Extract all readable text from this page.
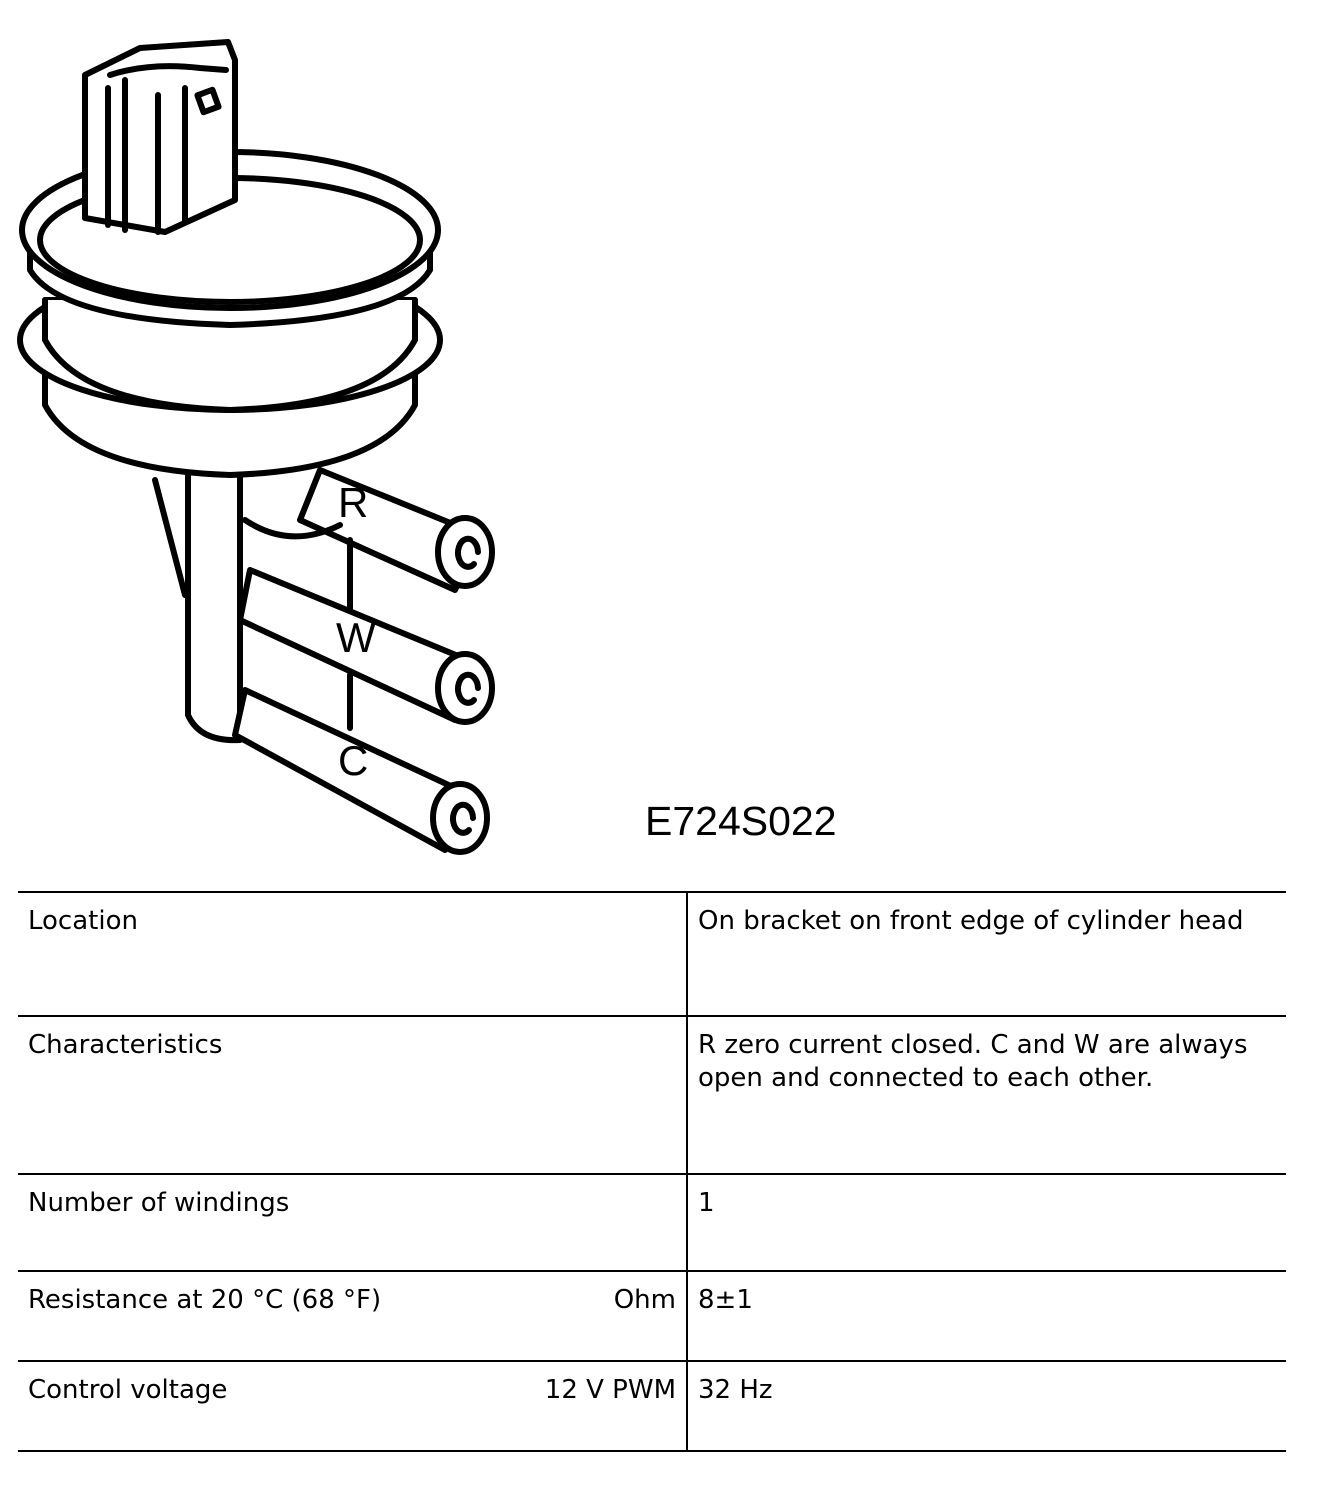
R
W
C
E724S022
Location	On bracket on front edge of cylinder head

Characteristics	R zero current closed. C and W are always open and connected to each other.

Number of windings	1

Resistance at 20 °C (68 °F) Ohm	8±1

Control voltage 12 V PWM	32 Hz
